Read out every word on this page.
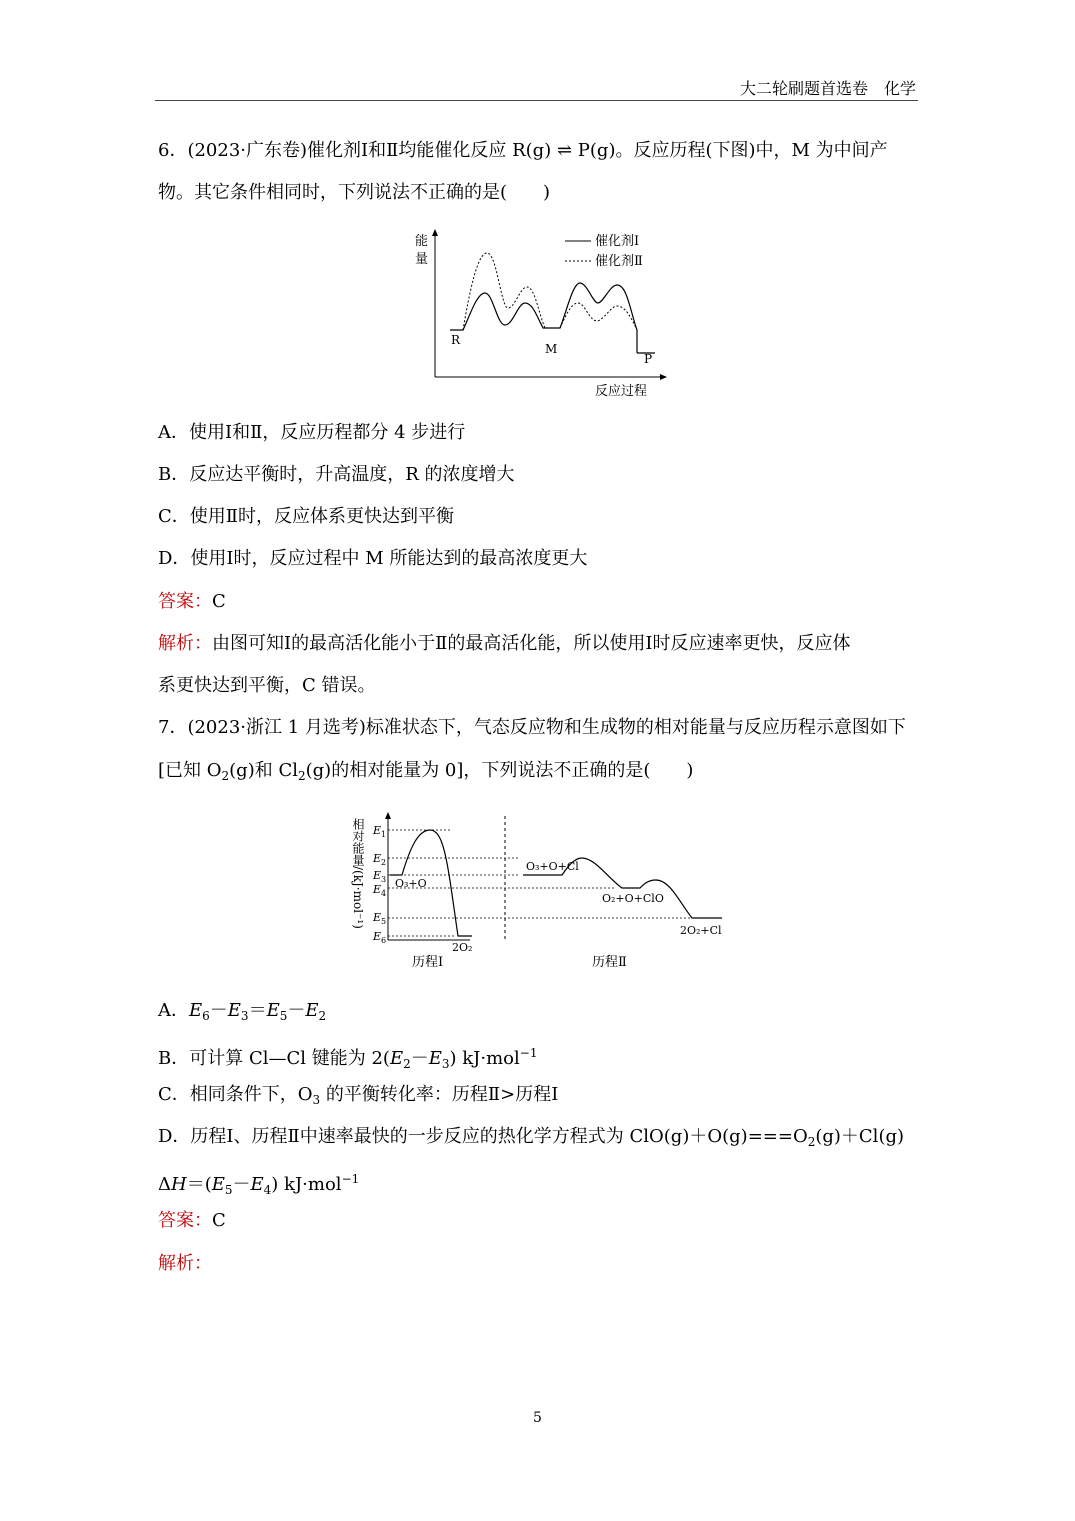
大二轮刷题首选卷　化学
6．(2023·广东卷)催化剂Ⅰ和Ⅱ均能催化反应 R(g) ⇌ P(g)。反应历程(下图)中，M 为中间产
物。其它条件相同时，下列说法不正确的是(　　)
能
量
催化剂Ⅰ
催化剂Ⅱ
R
M
P
反应过程
A．使用Ⅰ和Ⅱ，反应历程都分 4 步进行
B．反应达平衡时，升高温度，R 的浓度增大
C．使用Ⅱ时，反应体系更快达到平衡
D．使用Ⅰ时，反应过程中 M 所能达到的最高浓度更大
答案：C
解析：由图可知Ⅰ的最高活化能小于Ⅱ的最高活化能，所以使用Ⅰ时反应速率更快，反应体
系更快达到平衡，C 错误。
7．(2023·浙江 1 月选考)标准状态下，气态反应物和生成物的相对能量与反应历程示意图如下
[已知 $O_2(g)$和 $Cl_2(g)$的相对能量为 0]，下列说法不正确的是(　　)
相对能量/(kJ·mol⁻¹) $E_1$
$E_2$
$E_3$
$E_4$
$E_5$
$E_6$
O₃+O
2O₂
O₃+O+Cl
O₂+O+ClO
2O₂+Cl
历程Ⅰ	历程Ⅱ
A．$E_6-E_3=E_5-E_2$
B．可计算 Cl—Cl 键能为 $2(E_2-E_3)$ kJ·mol$^{-1}$
C．相同条件下，$O_3$ 的平衡转化率：历程Ⅱ>历程Ⅰ
D．历程Ⅰ、历程Ⅱ中速率最快的一步反应的热化学方程式为 $ClO(g)+O(g)===O_2(g)+Cl(g)$
$\Delta H=(E_5-E_4)$ kJ·mol$^{-1}$
答案：C
解析：
5
